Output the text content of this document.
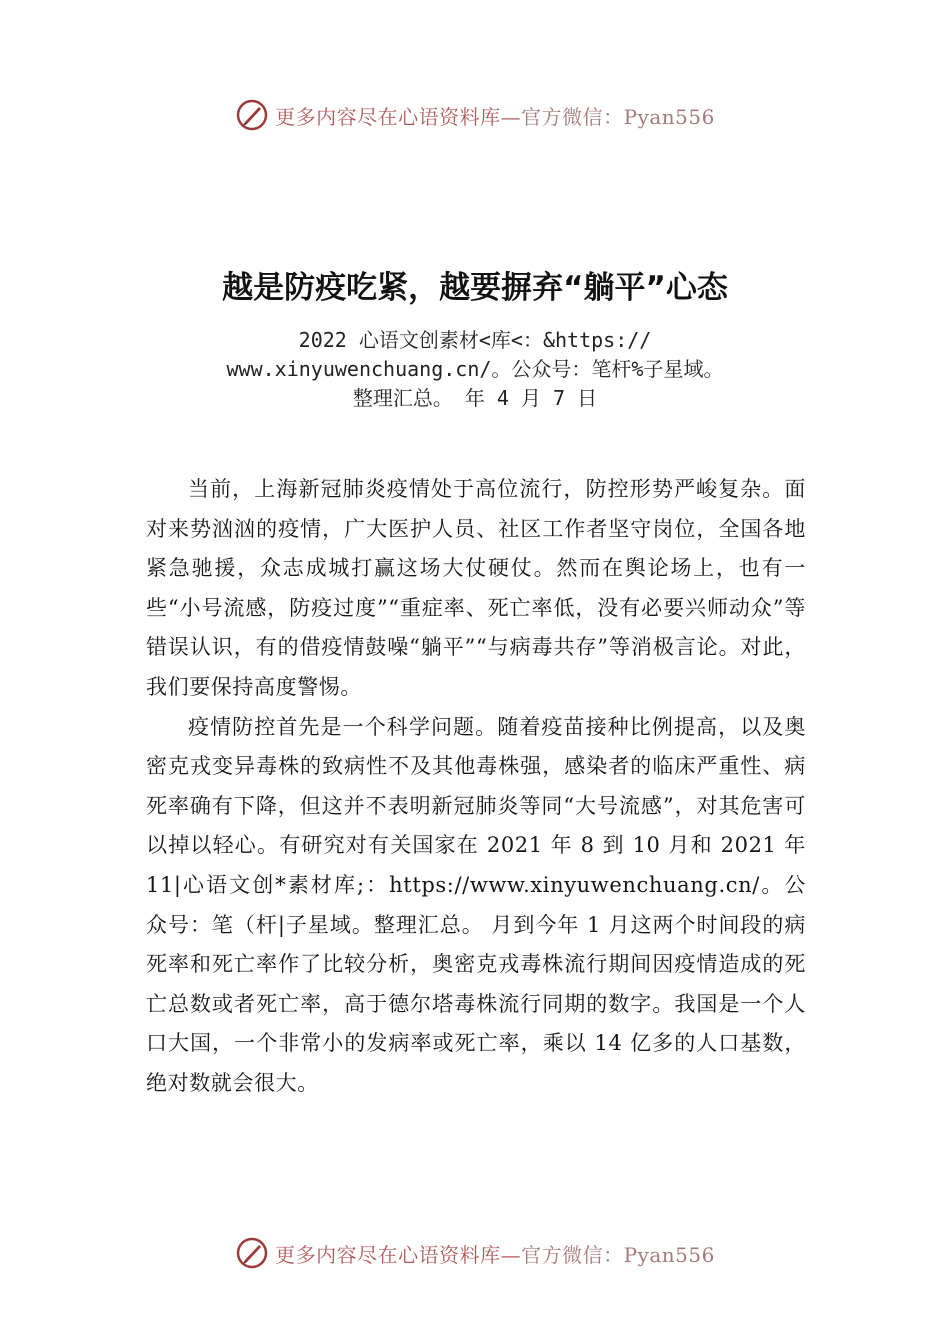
更多内容尽在心语资料库—官方微信：Pyan556
越是防疫吃紧，越要摒弃“躺平”心态
2022 心语文创素材<库<：&https://
www.xinyuwenchuang.cn/。公众号：笔杆%子星域。
整理汇总。 年 4 月 7 日

当前，上海新冠肺炎疫情处于高位流行，防控形势严峻复杂。面对来势汹汹的疫情，广大医护人员、社区工作者坚守岗位，全国各地紧急驰援，众志成城打赢这场大仗硬仗。然而在舆论场上，也有一些“小号流感，防疫过度”“重症率、死亡率低，没有必要兴师动众”等错误认识，有的借疫情鼓噪“躺平”“与病毒共存”等消极言论。对此，我们要保持高度警惕。

疫情防控首先是一个科学问题。随着疫苗接种比例提高，以及奥密克戎变异毒株的致病性不及其他毒株强，感染者的临床严重性、病死率确有下降，但这并不表明新冠肺炎等同“大号流感”，对其危害可以掉以轻心。有研究对有关国家在 2021 年 8 到 10 月和 2021 年 11|心语文创*素材库;：https://www.xinyuwenchuang.cn/。公众号：笔（杆|子星域。整理汇总。 月到今年 1 月这两个时间段的病死率和死亡率作了比较分析，奥密克戎毒株流行期间因疫情造成的死亡总数或者死亡率，高于德尔塔毒株流行同期的数字。我国是一个人口大国，一个非常小的发病率或死亡率，乘以 14 亿多的人口基数，绝对数就会很大。

更多内容尽在心语资料库—官方微信：Pyan556
